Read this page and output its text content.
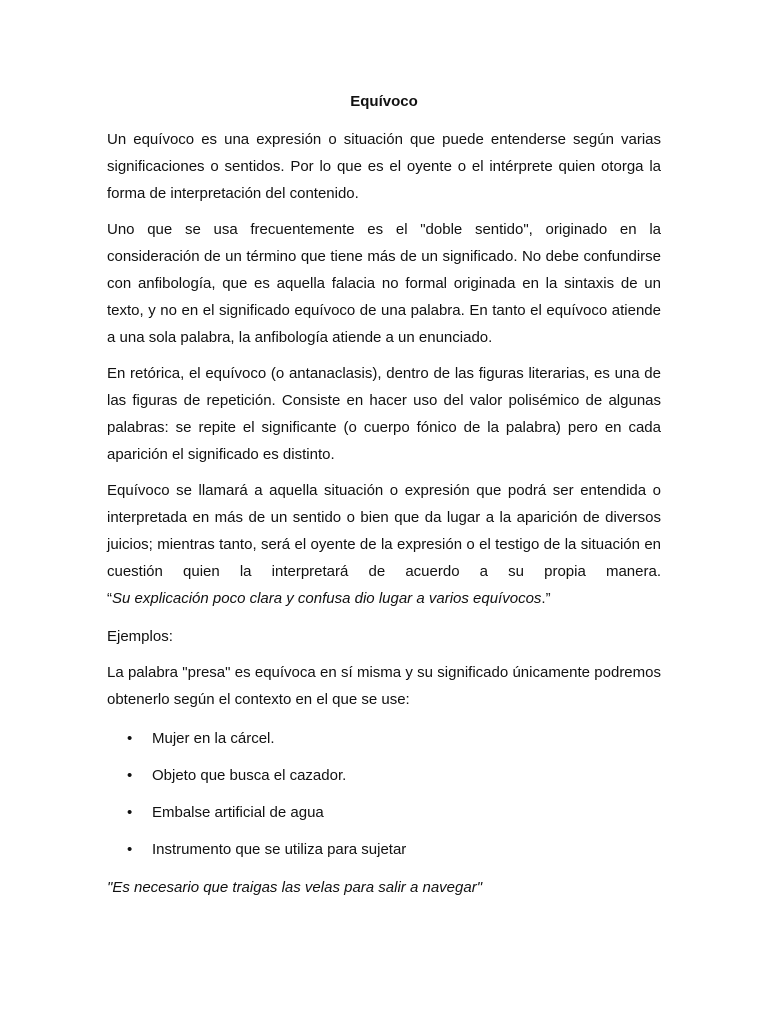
Equívoco

Un equívoco es una expresión o situación que puede entenderse según varias significaciones o sentidos. Por lo que es el oyente o el intérprete quien otorga la forma de interpretación del contenido.

Uno que se usa frecuentemente es el "doble sentido", originado en la consideración de un término que tiene más de un significado. No debe confundirse con anfibología, que es aquella falacia no formal originada en la sintaxis de un texto, y no en el significado equívoco de una palabra. En tanto el equívoco atiende a una sola palabra, la anfibología atiende a un enunciado.

En retórica, el equívoco (o antanaclasis), dentro de las figuras literarias, es una de las figuras de repetición. Consiste en hacer uso del valor polisémico de algunas palabras: se repite el significante (o cuerpo fónico de la palabra) pero en cada aparición el significado es distinto.

Equívoco se llamará a aquella situación o expresión que podrá ser entendida o interpretada en más de un sentido o bien que da lugar a la aparición de diversos juicios; mientras tanto, será el oyente de la expresión o el testigo de la situación en cuestión quien la interpretará de acuerdo a su propia manera.

“Su explicación poco clara y confusa dio lugar a varios equívocos.”

Ejemplos:

La palabra "presa" es equívoca en sí misma y su significado únicamente podremos obtenerlo según el contexto en el que se use:

• Mujer en la cárcel.
• Objeto que busca el cazador.
• Embalse artificial de agua
• Instrumento que se utiliza para sujetar

"Es necesario que traigas las velas para salir a navegar"
